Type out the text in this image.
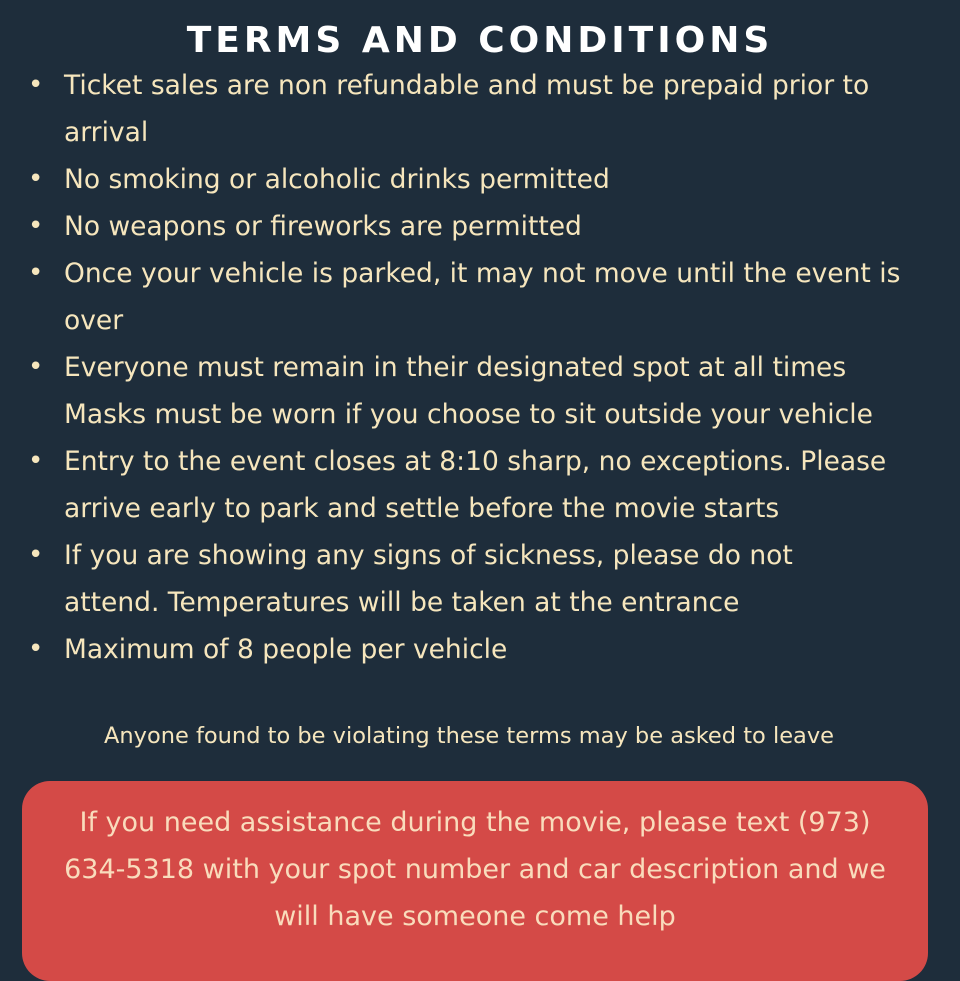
TERMS AND CONDITIONS
• Ticket sales are non refundable and must be prepaid prior to
arrival
• No smoking or alcoholic drinks permitted
• No weapons or fireworks are permitted
• Once your vehicle is parked, it may not move until the event is
over
• Everyone must remain in their designated spot at all times
Masks must be worn if you choose to sit outside your vehicle
• Entry to the event closes at 8:10 sharp, no exceptions. Please
arrive early to park and settle before the movie starts
• If you are showing any signs of sickness, please do not
attend. Temperatures will be taken at the entrance
• Maximum of 8 people per vehicle
Anyone found to be violating these terms may be asked to leave
If you need assistance during the movie, please text (973)
634-5318 with your spot number and car description and we
will have someone come help
